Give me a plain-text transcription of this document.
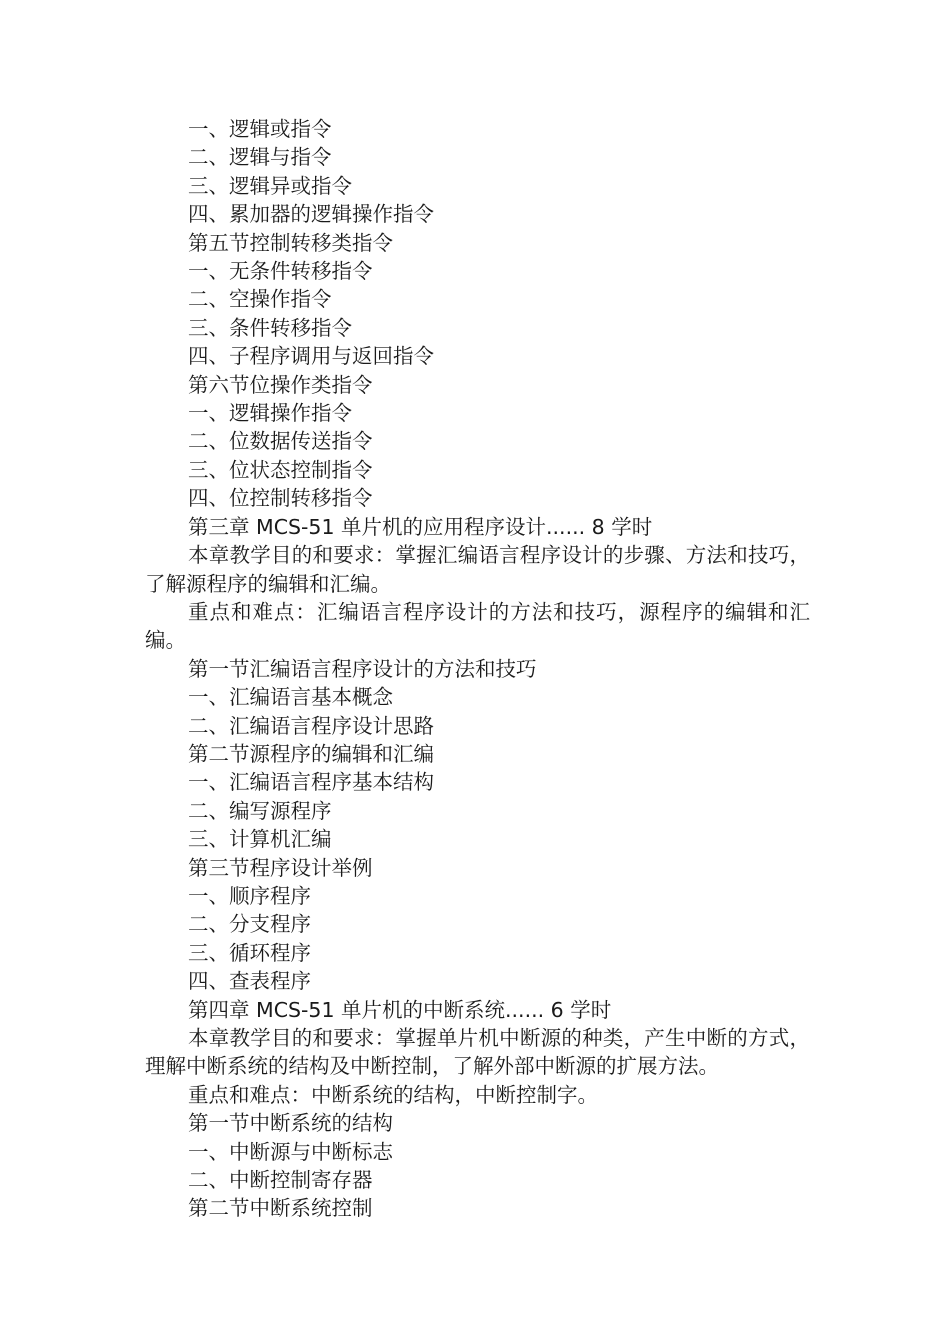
一、逻辑或指令

二、逻辑与指令

三、逻辑异或指令

四、累加器的逻辑操作指令

第五节控制转移类指令

一、无条件转移指令

二、空操作指令

三、条件转移指令

四、子程序调用与返回指令

第六节位操作类指令

一、逻辑操作指令

二、位数据传送指令

三、位状态控制指令

四、位控制转移指令

第三章 MCS-51 单片机的应用程序设计...... 8 学时

本章教学目的和要求：掌握汇编语言程序设计的步骤、方法和技巧，了解源程序的编辑和汇编。

重点和难点：汇编语言程序设计的方法和技巧，源程序的编辑和汇编。

第一节汇编语言程序设计的方法和技巧

一、汇编语言基本概念

二、汇编语言程序设计思路

第二节源程序的编辑和汇编

一、汇编语言程序基本结构

二、编写源程序

三、计算机汇编

第三节程序设计举例

一、顺序程序

二、分支程序

三、循环程序

四、查表程序

第四章 MCS-51 单片机的中断系统...... 6 学时

本章教学目的和要求：掌握单片机中断源的种类，产生中断的方式，理解中断系统的结构及中断控制，了解外部中断源的扩展方法。

重点和难点：中断系统的结构，中断控制字。

第一节中断系统的结构

一、中断源与中断标志

二、中断控制寄存器

第二节中断系统控制
